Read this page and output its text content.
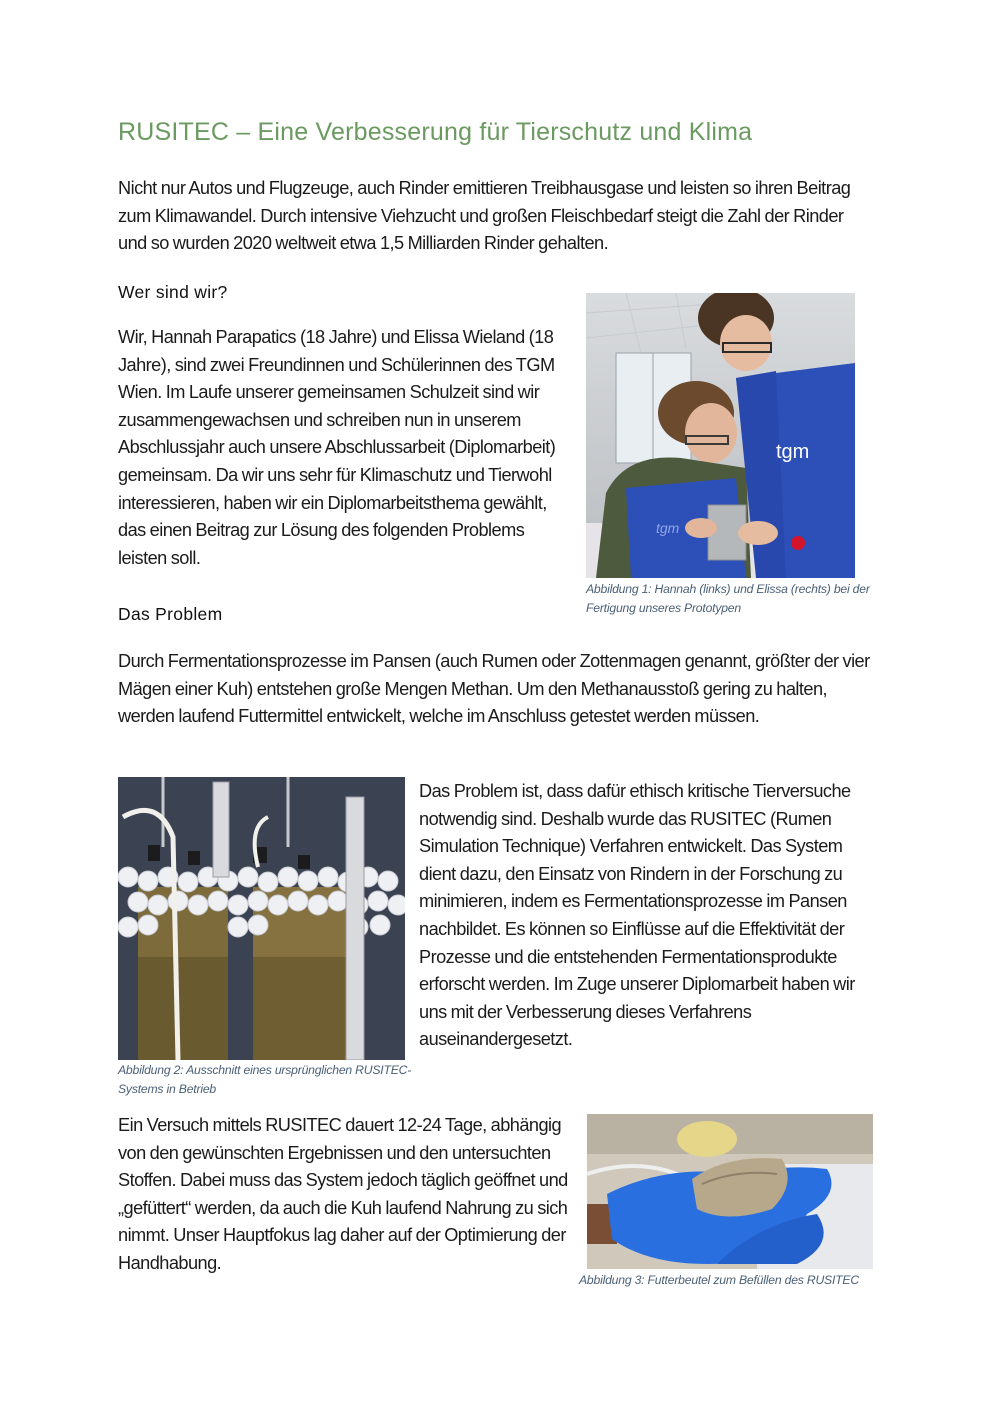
RUSITEC – Eine Verbesserung für Tierschutz und Klima
Nicht nur Autos und Flugzeuge, auch Rinder emittieren Treibhausgase und leisten so ihren Beitrag zum Klimawandel. Durch intensive Viehzucht und großen Fleischbedarf steigt die Zahl der Rinder und so wurden 2020 weltweit etwa 1,5 Milliarden Rinder gehalten.
Wer sind wir?
Wir, Hannah Parapatics (18 Jahre) und Elissa Wieland (18 Jahre), sind zwei Freundinnen und Schülerinnen des TGM Wien. Im Laufe unserer gemeinsamen Schulzeit sind wir zusammengewachsen und schreiben nun in unserem Abschlussjahr auch unsere Abschlussarbeit (Diplomarbeit) gemeinsam. Da wir uns sehr für Klimaschutz und Tierwohl interessieren, haben wir ein Diplomarbeitsthema gewählt, das einen Beitrag zur Lösung des folgenden Problems leisten soll.
tgm
tgm
Abbildung 1: Hannah (links) und Elissa (rechts) bei der Fertigung unseres Prototypen
Das Problem
Durch Fermentationsprozesse im Pansen (auch Rumen oder Zottenmagen genannt, größter der vier Mägen einer Kuh) entstehen große Mengen Methan. Um den Methanausstoß gering zu halten, werden laufend Futtermittel entwickelt, welche im Anschluss getestet werden müssen.
Abbildung 2: Ausschnitt eines ursprünglichen RUSITEC-Systems in Betrieb
Das Problem ist, dass dafür ethisch kritische Tierversuche notwendig sind. Deshalb wurde das RUSITEC (Rumen Simulation Technique) Verfahren entwickelt. Das System dient dazu, den Einsatz von Rindern in der Forschung zu minimieren, indem es Fermentationsprozesse im Pansen nachbildet. Es können so Einflüsse auf die Effektivität der Prozesse und die entstehenden Fermentationsprodukte erforscht werden. Im Zuge unserer Diplomarbeit haben wir uns mit der Verbesserung dieses Verfahrens auseinandergesetzt.
Ein Versuch mittels RUSITEC dauert 12-24 Tage, abhängig von den gewünschten Ergebnissen und den untersuchten Stoffen. Dabei muss das System jedoch täglich geöffnet und „gefüttert“ werden, da auch die Kuh laufend Nahrung zu sich nimmt. Unser Hauptfokus lag daher auf der Optimierung der Handhabung.
Abbildung 3: Futterbeutel zum Befüllen des RUSITEC
